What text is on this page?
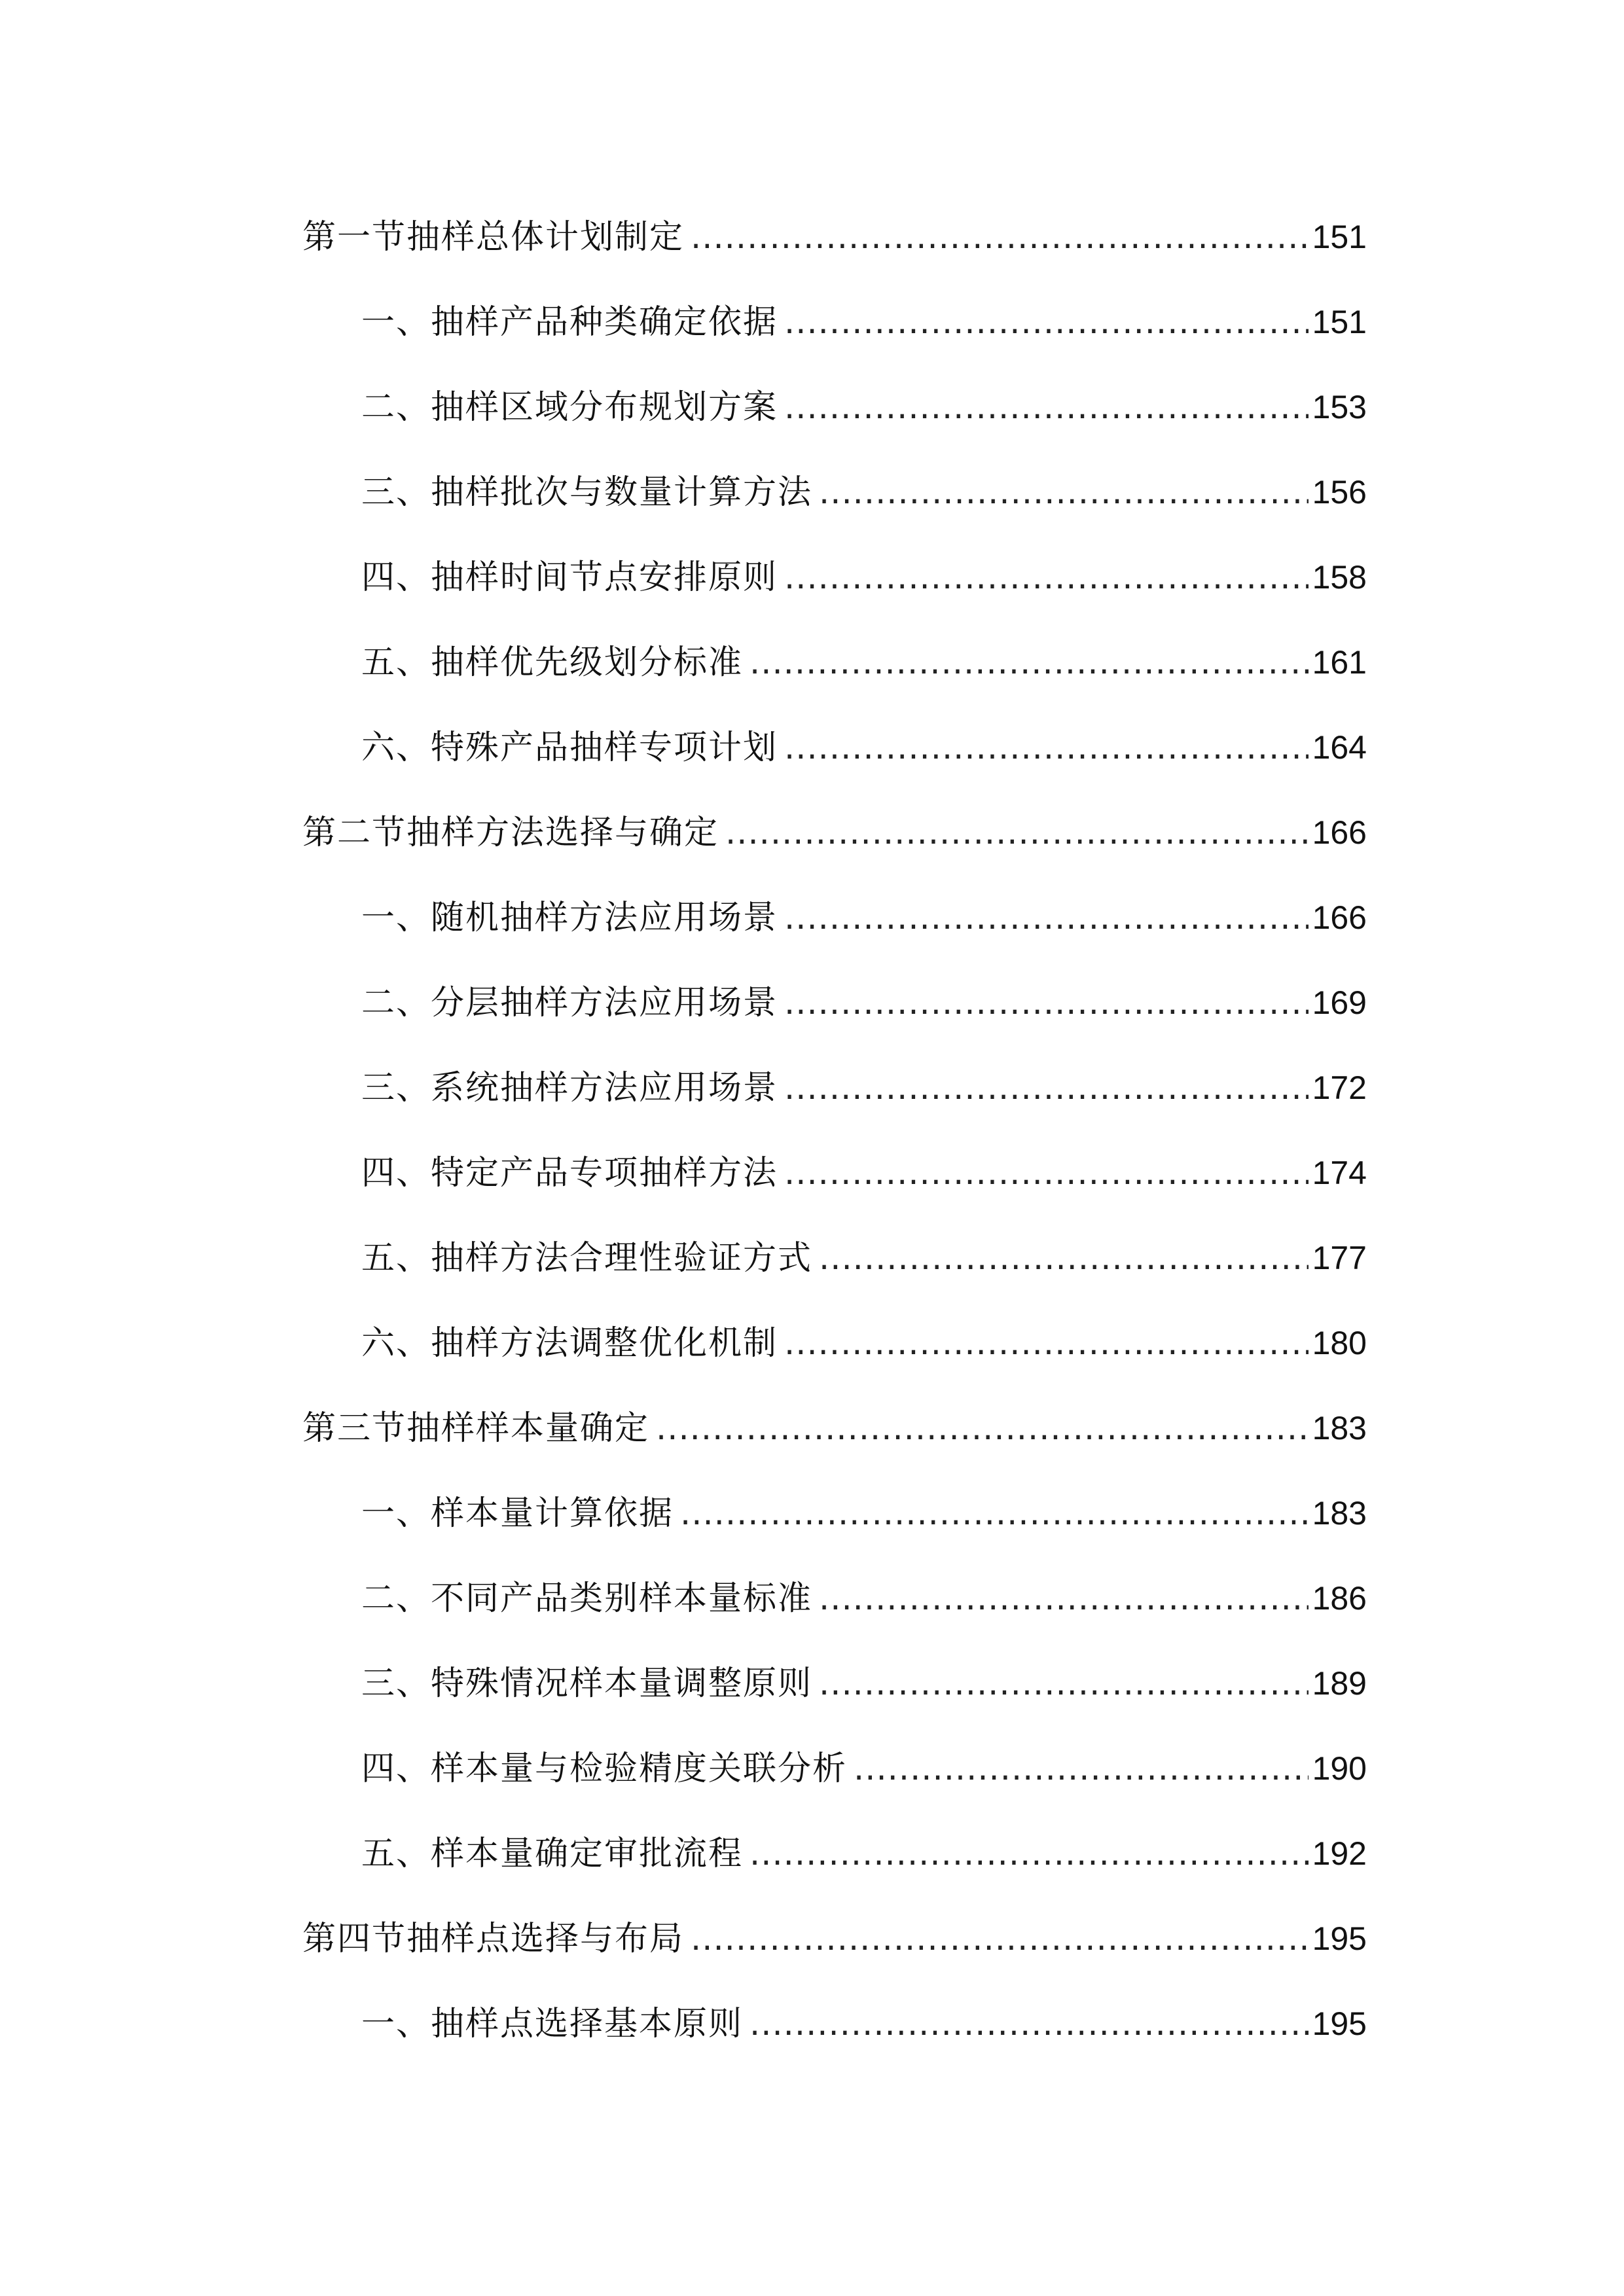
第一节抽样总体计划制定 .....	151
一、抽样产品种类确定依据 .....	151
二、抽样区域分布规划方案 .....	153
三、抽样批次与数量计算方法 .....	156
四、抽样时间节点安排原则 .....	158
五、抽样优先级划分标准 .....	161
六、特殊产品抽样专项计划 .....	164
第二节抽样方法选择与确定 .....	166
一、随机抽样方法应用场景 .....	166
二、分层抽样方法应用场景 .....	169
三、系统抽样方法应用场景 .....	172
四、特定产品专项抽样方法 .....	174
五、抽样方法合理性验证方式 .....	177
六、抽样方法调整优化机制 .....	180
第三节抽样样本量确定 .....	183
一、样本量计算依据 .....	183
二、不同产品类别样本量标准 .....	186
三、特殊情况样本量调整原则 .....	189
四、样本量与检验精度关联分析 .....	190
五、样本量确定审批流程 .....	192
第四节抽样点选择与布局 .....	195
一、抽样点选择基本原则 .....	195
